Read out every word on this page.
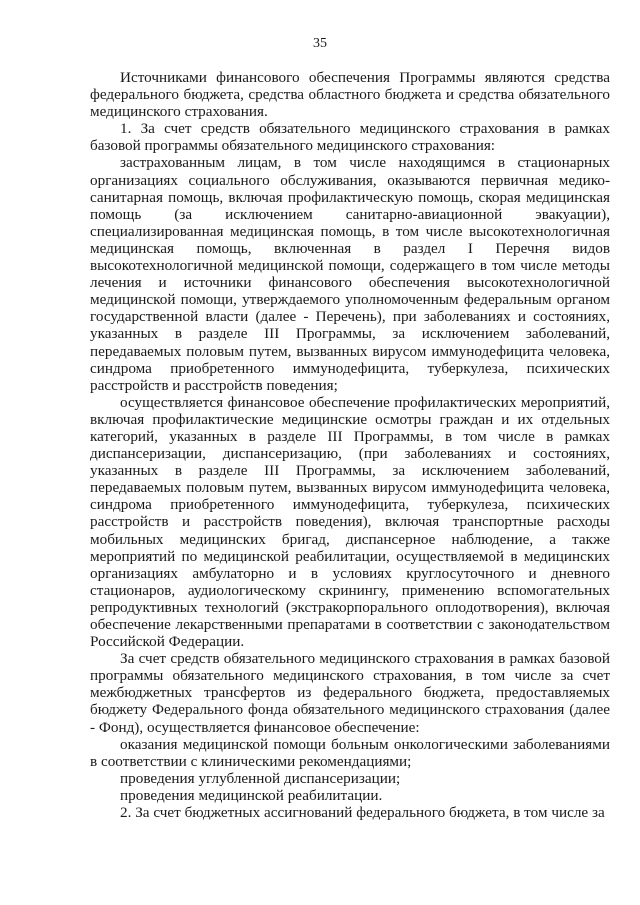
35

Источниками финансового обеспечения Программы являются средства федерального бюджета, средства областного бюджета и средства обязательного медицинского страхования.

1. За счет средств обязательного медицинского страхования в рамках базовой программы обязательного медицинского страхования:

застрахованным лицам, в том числе находящимся в стационарных организациях социального обслуживания, оказываются первичная медико-санитарная помощь, включая профилактическую помощь, скорая медицинская помощь (за исключением санитарно-авиационной эвакуации), специализированная медицинская помощь, в том числе высокотехнологичная медицинская помощь, включенная в раздел I Перечня видов высокотехнологичной медицинской помощи, содержащего в том числе методы лечения и источники финансового обеспечения высокотехнологичной медицинской помощи, утверждаемого уполномоченным федеральным органом государственной власти (далее - Перечень), при заболеваниях и состояниях, указанных в разделе III Программы, за исключением заболеваний, передаваемых половым путем, вызванных вирусом иммунодефицита человека, синдрома приобретенного иммунодефицита, туберкулеза, психических расстройств и расстройств поведения;

осуществляется финансовое обеспечение профилактических мероприятий, включая профилактические медицинские осмотры граждан и их отдельных категорий, указанных в разделе III Программы, в том числе в рамках диспансеризации, диспансеризацию, (при заболеваниях и состояниях, указанных в разделе III Программы, за исключением заболеваний, передаваемых половым путем, вызванных вирусом иммунодефицита человека, синдрома приобретенного иммунодефицита, туберкулеза, психических расстройств и расстройств поведения), включая транспортные расходы мобильных медицинских бригад, диспансерное наблюдение, а также мероприятий по медицинской реабилитации, осуществляемой в медицинских организациях амбулаторно и в условиях круглосуточного и дневного стационаров, аудиологическому скринингу, применению вспомогательных репродуктивных технологий (экстракорпорального оплодотворения), включая обеспечение лекарственными препаратами в соответствии с законодательством Российской Федерации.

За счет средств обязательного медицинского страхования в рамках базовой программы обязательного медицинского страхования, в том числе за счет межбюджетных трансфертов из федерального бюджета, предоставляемых бюджету Федерального фонда обязательного медицинского страхования (далее - Фонд), осуществляется финансовое обеспечение:

оказания медицинской помощи больным онкологическими заболеваниями в соответствии с клиническими рекомендациями;

проведения углубленной диспансеризации;

проведения медицинской реабилитации.

2. За счет бюджетных ассигнований федерального бюджета, в том числе за
